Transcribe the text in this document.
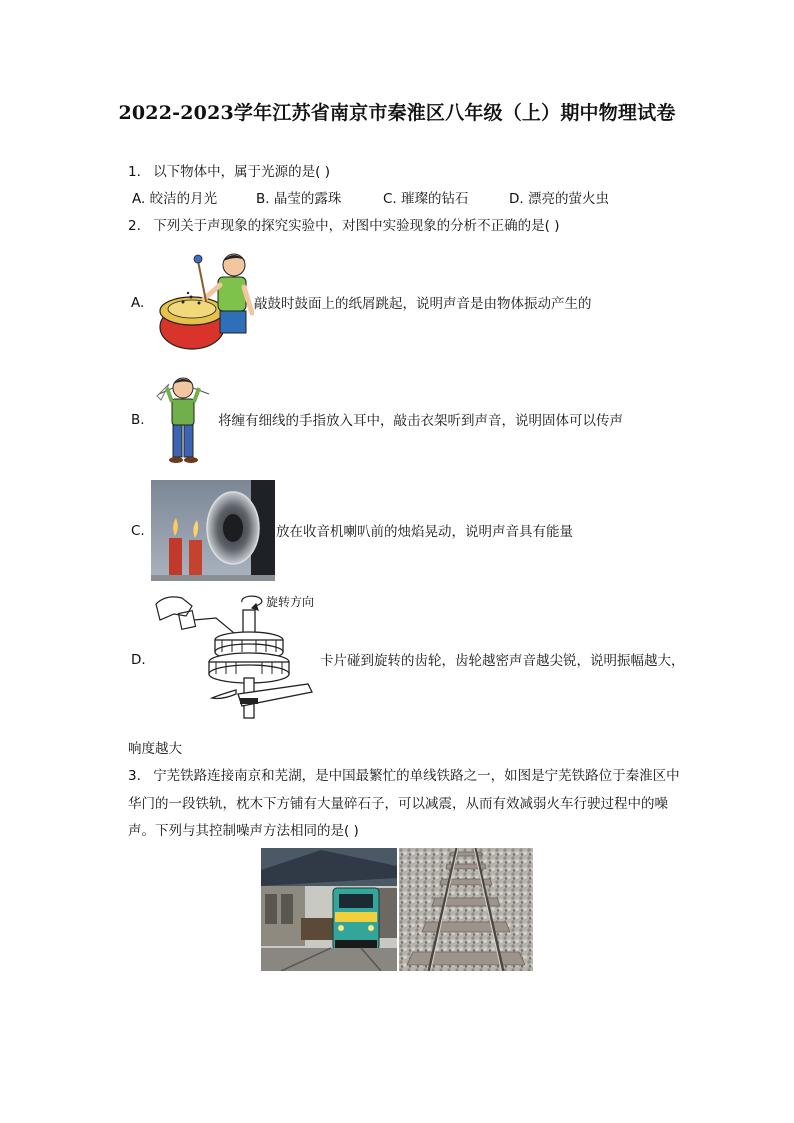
2022-2023学年江苏省南京市秦淮区八年级（上）期中物理试卷
1. 以下物体中，属于光源的是( )
A. 皎洁的月光	B. 晶莹的露珠	C. 璀璨的钻石	D. 漂亮的萤火虫
2. 下列关于声现象的探究实验中，对图中实验现象的分析不正确的是( )
A.	敲鼓时鼓面上的纸屑跳起，说明声音是由物体振动产生的
B.	将缠有细线的手指放入耳中，敲击衣架听到声音，说明固体可以传声
C.	放在收音机喇叭前的烛焰晃动，说明声音具有能量
D.
旋转方向
卡片碰到旋转的齿轮，齿轮越密声音越尖锐，说明振幅越大，
响度越大
3. 宁芜铁路连接南京和芜湖，是中国最繁忙的单线铁路之一，如图是宁芜铁路位于秦淮区中
华门的一段铁轨，枕木下方铺有大量碎石子，可以减震，从而有效减弱火车行驶过程中的噪
声。下列与其控制噪声方法相同的是( )
